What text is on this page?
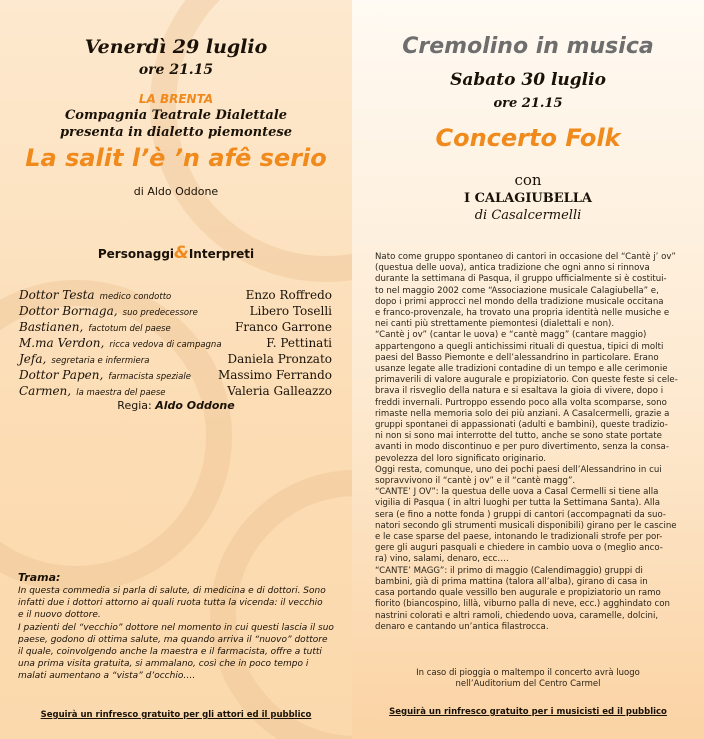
Venerdì 29 luglio
ore 21.15
LA BRENTA
Compagnia Teatrale Dialettale
presenta in dialetto piemontese
La salit l’è ’n afê serio
di Aldo Oddone
Personaggi&Interpreti
Dottor Testa medico condotto	Enzo Roffredo
Dottor Bornaga, suo predecessore	Libero Toselli
Bastianen, factotum del paese	Franco Garrone
M.ma Verdon, ricca vedova di campagna	F. Pettinati
Jefa, segretaria e infermiera	Daniela Pronzato
Dottor Papen, farmacista speziale Massimo Ferrando
Carmen, la maestra del paese	Valeria Galleazzo
Regia: Aldo Oddone
Trama:
In questa commedia si parla di salute, di medicina e di dottori. Sono
infatti due i dottori attorno ai quali ruota tutta la vicenda: il vecchio
e il nuovo dottore.
I pazienti del “vecchio” dottore nel momento in cui questi lascia il suo
paese, godono di ottima salute, ma quando arriva il “nuovo” dottore
il quale, coinvolgendo anche la maestra e il farmacista, offre a tutti
una prima visita gratuita, si ammalano, così che in poco tempo i
malati aumentano a “vista” d’occhio….
Seguirà un rinfresco gratuito per gli attori ed il pubblico
Cremolino in musica
Sabato 30 luglio
ore 21.15
Concerto Folk
con
I CALAGIUBELLA
di Casalcermelli

Nato come gruppo spontaneo di cantori in occasione del “Cantè j’ ov”

(questua delle uova), antica tradizione che ogni anno si rinnova

durante la settimana di Pasqua, il gruppo ufficialmente si è costitui-

to nel maggio 2002 come “Associazione musicale Calagiubella” e,

dopo i primi approcci nel mondo della tradizione musicale occitana

e franco-provenzale, ha trovato una propria identità nelle musiche e

nei canti più strettamente piemontesi (dialettali e non).

“Cantè j ov” (cantar le uova) e “cantè magg” (cantare maggio)

appartengono a quegli antichissimi rituali di questua, tipici di molti

paesi del Basso Piemonte e dell’alessandrino in particolare. Erano

usanze legate alle tradizioni contadine di un tempo e alle cerimonie

primaverili di valore augurale e propiziatorio. Con queste feste si cele-

brava il risveglio della natura e si esaltava la gioia di vivere, dopo i

freddi invernali. Purtroppo essendo poco alla volta scomparse, sono

rimaste nella memoria solo dei più anziani. A Casalcermelli, grazie a

gruppi spontanei di appassionati (adulti e bambini), queste tradizio-

ni non si sono mai interrotte del tutto, anche se sono state portate

avanti in modo discontinuo e per puro divertimento, senza la consa-

pevolezza del loro significato originario.

Oggi resta, comunque, uno dei pochi paesi dell’Alessandrino in cui

sopravvivono il “cantè j ov” e il “cantè magg”.

“CANTE’ J OV”: la questua delle uova a Casal Cermelli si tiene alla

vigilia di Pasqua ( in altri luoghi per tutta la Settimana Santa). Alla

sera (e fino a notte fonda ) gruppi di cantori (accompagnati da suo-

natori secondo gli strumenti musicali disponibili) girano per le cascine

e le case sparse del paese, intonando le tradizionali strofe per por-

gere gli auguri pasquali e chiedere in cambio uova o (meglio anco-

ra) vino, salami, denaro, ecc….

“CANTE’ MAGG”: il primo di maggio (Calendimaggio) gruppi di

bambini, già di prima mattina (talora all’alba), girano di casa in

casa portando quale vessillo ben augurale e propiziatorio un ramo

fiorito (biancospino, lillà, viburno palla di neve, ecc.) agghindato con

nastrini colorati e altri ramoli, chiedendo uova, caramelle, dolcini,

denaro e cantando un’antica filastrocca.

In caso di pioggia o maltempo il concerto avrà luogo
nell’Auditorium del Centro Carmel
Seguirà un rinfresco gratuito per i musicisti ed il pubblico
